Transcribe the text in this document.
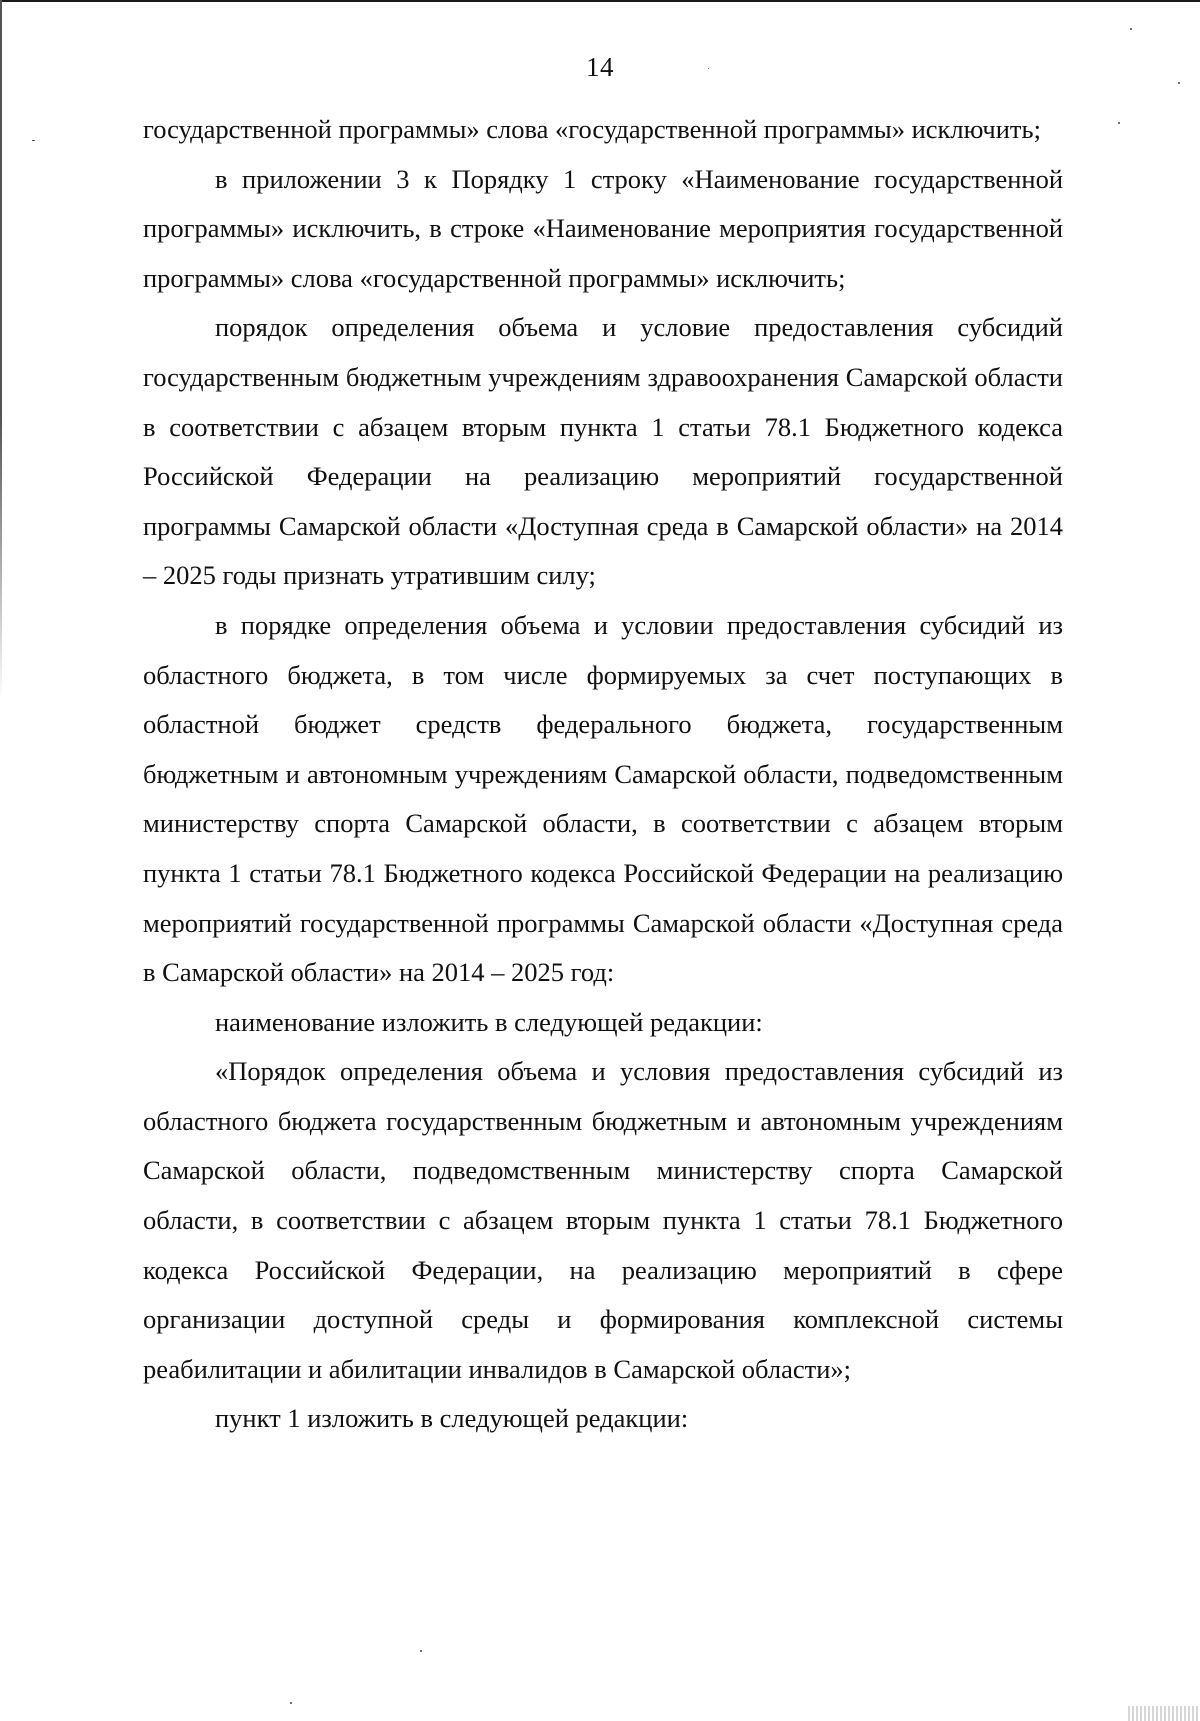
14

государственной программы» слова «государственной программы» исключить;

в приложении 3 к Порядку 1 строку «Наименование государственной программы» исключить, в строке «Наименование мероприятия государственной программы» слова «государственной программы» исключить;

порядок определения объема и условие предоставления субсидий государственным бюджетным учреждениям здравоохранения Самарской области в соответствии с абзацем вторым пункта 1 статьи 78.1 Бюджетного кодекса Российской Федерации на реализацию мероприятий государственной программы Самарской области «Доступная среда в Самарской области» на 2014 – 2025 годы признать утратившим силу;

в порядке определения объема и условии предоставления субсидий из областного бюджета, в том числе формируемых за счет поступающих в областной бюджет средств федерального бюджета, государственным бюджетным и автономным учреждениям Самарской области, подведомственным министерству спорта Самарской области, в соответствии с абзацем вторым пункта 1 статьи 78.1 Бюджетного кодекса Российской Федерации на реализацию мероприятий государственной программы Самарской области «Доступная среда в Самарской области» на 2014 – 2025 год:

наименование изложить в следующей редакции:

«Порядок определения объема и условия предоставления субсидий из областного бюджета государственным бюджетным и автономным учреждениям Самарской области, подведомственным министерству спорта Самарской области, в соответствии с абзацем вторым пункта 1 статьи 78.1 Бюджетного кодекса Российской Федерации, на реализацию мероприятий в сфере организации доступной среды и формирования комплексной системы реабилитации и абилитации инвалидов в Самарской области»;

пункт 1 изложить в следующей редакции:
